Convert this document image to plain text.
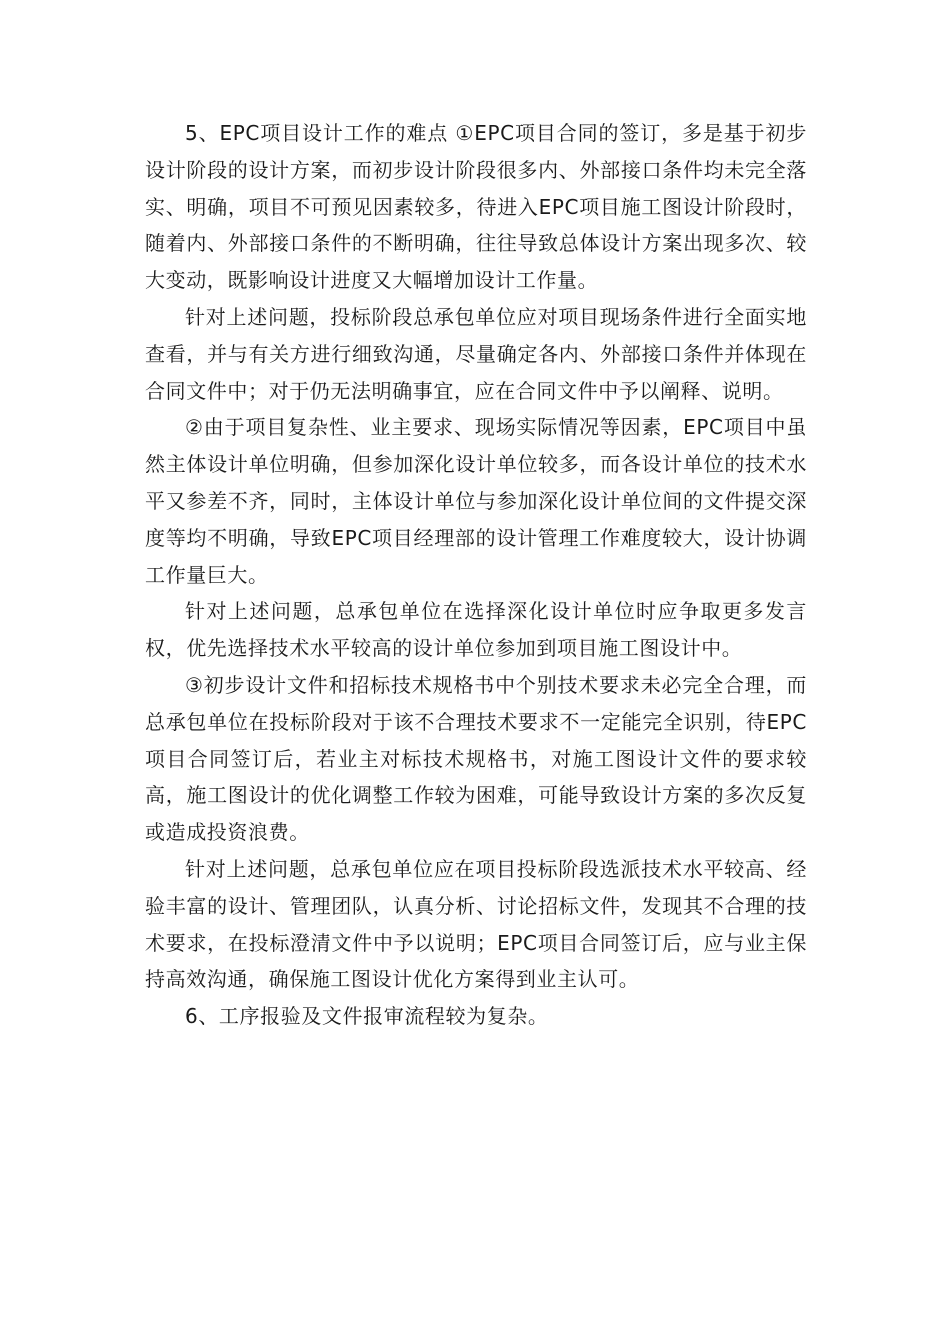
5、EPC项目设计工作的难点 ①EPC项目合同的签订，多是基于初步设计阶段的设计方案，而初步设计阶段很多内、外部接口条件均未完全落实、明确，项目不可预见因素较多，待进入EPC项目施工图设计阶段时，随着内、外部接口条件的不断明确，往往导致总体设计方案出现多次、较大变动，既影响设计进度又大幅增加设计工作量。

针对上述问题，投标阶段总承包单位应对项目现场条件进行全面实地查看，并与有关方进行细致沟通，尽量确定各内、外部接口条件并体现在合同文件中；对于仍无法明确事宜，应在合同文件中予以阐释、说明。

②由于项目复杂性、业主要求、现场实际情况等因素，EPC项目中虽然主体设计单位明确，但参加深化设计单位较多，而各设计单位的技术水平又参差不齐，同时，主体设计单位与参加深化设计单位间的文件提交深度等均不明确，导致EPC项目经理部的设计管理工作难度较大，设计协调工作量巨大。

针对上述问题，总承包单位在选择深化设计单位时应争取更多发言权，优先选择技术水平较高的设计单位参加到项目施工图设计中。

③初步设计文件和招标技术规格书中个别技术要求未必完全合理，而总承包单位在投标阶段对于该不合理技术要求不一定能完全识别，待EPC项目合同签订后，若业主对标技术规格书，对施工图设计文件的要求较高，施工图设计的优化调整工作较为困难，可能导致设计方案的多次反复或造成投资浪费。

针对上述问题，总承包单位应在项目投标阶段选派技术水平较高、经验丰富的设计、管理团队，认真分析、讨论招标文件，发现其不合理的技术要求，在投标澄清文件中予以说明；EPC项目合同签订后，应与业主保持高效沟通，确保施工图设计优化方案得到业主认可。

6、工序报验及文件报审流程较为复杂。
